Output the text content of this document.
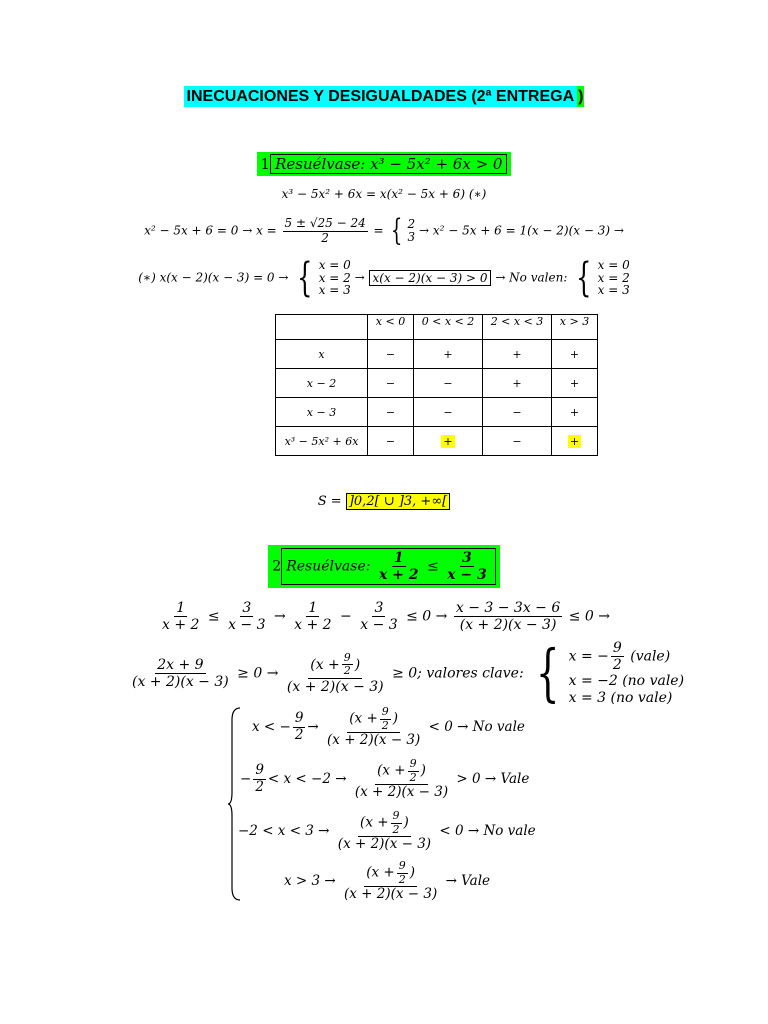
INECUACIONES Y DESIGUALDADES (2ª ENTREGA )
1 Resuélvase: x³ − 5x² + 6x > 0
x³ − 5x² + 6x = x(x² − 5x + 6) (∗)
$x^2 - 5x + 6 = 0 \to x = \frac{5 \pm √25 - 24}{2}$ = { 2
3 → x² − 5x + 6 = 1(x − 2)(x − 3) →
(∗) x(x − 2)(x − 3) = 0 → { x = 0
x = 2
x = 3
→ x(x − 2)(x − 3) > 0 → No valen: { x = 0
x = 2
x = 3
	x < 0	0 < x < 2	2 < x < 3	x > 3
x	−	+	+	+
x − 2	−	−	+	+
x − 3	−	−	−	+
x³ − 5x² + 6x	−	+	−	+
S = ]0,2[ ∪ ]3, +∞[
2 Resuélvase: $\frac{1}{x + 2} \le \frac{3}{x - 3}$
$\frac{1}{x + 2} \le \frac{3}{x - 3} \to \frac{1}{x + 2} - \frac{3}{x - 3} \le 0 \to \frac{x - 3 - 3x - 6}{(x + 2)(x - 3)} \le 0$ →
$\frac{2x + 9}{(x + 2)(x - 3)} \ge 0 \to \frac{(x + \frac{9}{2} )}{(x + 2)(x - 3)} \ge 0$; valores clave: { x = − $\frac{9}{2}$ (vale)
x = −2 (no vale)
x = 3 (no vale)
x < − $\frac{9}{2} \to \frac{(x + \frac{9}{2} )}{(x + 2)(x - 3)} < 0 \to No$ vale
− $\frac{9}{2} < x < -2 \to \frac{(x + \frac{9}{2} )}{(x + 2)(x - 3)} > 0$ → Vale
$-2 < x < 3 \to \frac{(x + \frac{9}{2} )}{(x + 2)(x - 3)} < 0 \to No$ vale
$x > 3 \to \frac{(x + \frac{9}{2} )}{(x + 2)(x - 3)}$ → Vale
